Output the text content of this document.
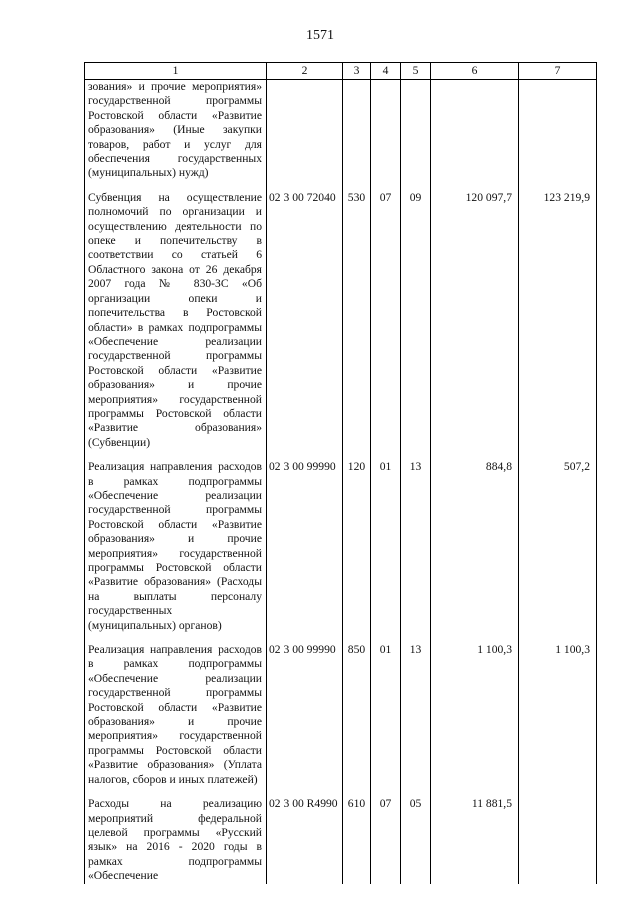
1571
1	2	3	4	5	6	7
зования» и прочие мероприятия» государственной программы Ростовской области «Развитие образования» (Иные закупки товаров, работ и услуг для обеспечения государственных (муниципальных) нужд)						
Субвенция на осуществление полномочий по организации и осуществлению деятельности по опеке и попечительству в соответствии со статьей 6 Областного закона от 26 декабря 2007 года № 830-ЗС «Об организации опеки и попечительства в Ростовской области» в рамках подпрограммы «Обеспечение реализации государственной программы Ростовской области «Развитие образования» и прочие мероприятия» государственной программы Ростовской области «Развитие образования» (Субвенции)	02 3 00 72040	530	07	09	120 097,7	123 219,9
Реализация направления расходов в рамках подпрограммы «Обеспечение реализации государственной программы Ростовской области «Развитие образования» и прочие мероприятия» государственной программы Ростовской области «Развитие образования» (Расходы на выплаты персоналу государственных (муниципальных) органов)	02 3 00 99990	120	01	13	884,8	507,2
Реализация направления расходов в рамках подпрограммы «Обеспечение реализации государственной программы Ростовской области «Развитие образования» и прочие мероприятия» государственной программы Ростовской области «Развитие образования» (Уплата налогов, сборов и иных платежей)	02 3 00 99990	850	01	13	1 100,3	1 100,3
Расходы на реализацию мероприятий федеральной целевой программы «Русский язык» на 2016 - 2020 годы в рамках подпрограммы «Обеспечение	02 3 00 R4990	610	07	05	11 881,5	
